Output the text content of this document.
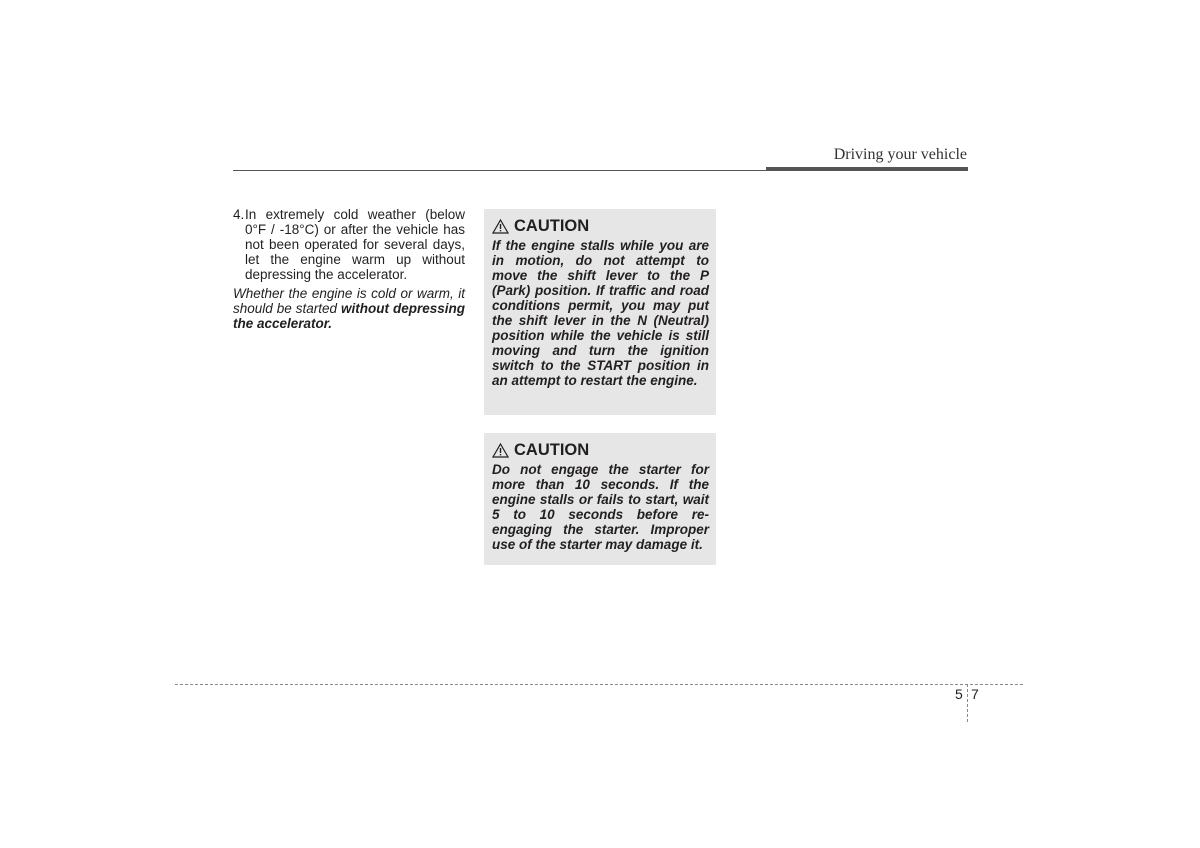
Driving your vehicle
4. In extremely cold weather (below 0°F / -18°C) or after the vehicle has not been operated for several days, let the engine warm up without depressing the accelerator.
Whether the engine is cold or warm, it should be started without depressing the accelerator.
CAUTION
If the engine stalls while you are in motion, do not attempt to move the shift lever to the P (Park) position. If traffic and road conditions permit, you may put the shift lever in the N (Neutral) position while the vehicle is still moving and turn the ignition switch to the START position in an attempt to restart the engine.
CAUTION
Do not engage the starter for more than 10 seconds. If the engine stalls or fails to start, wait 5 to 10 seconds before re-engaging the starter. Improper use of the starter may damage it.
5 7
